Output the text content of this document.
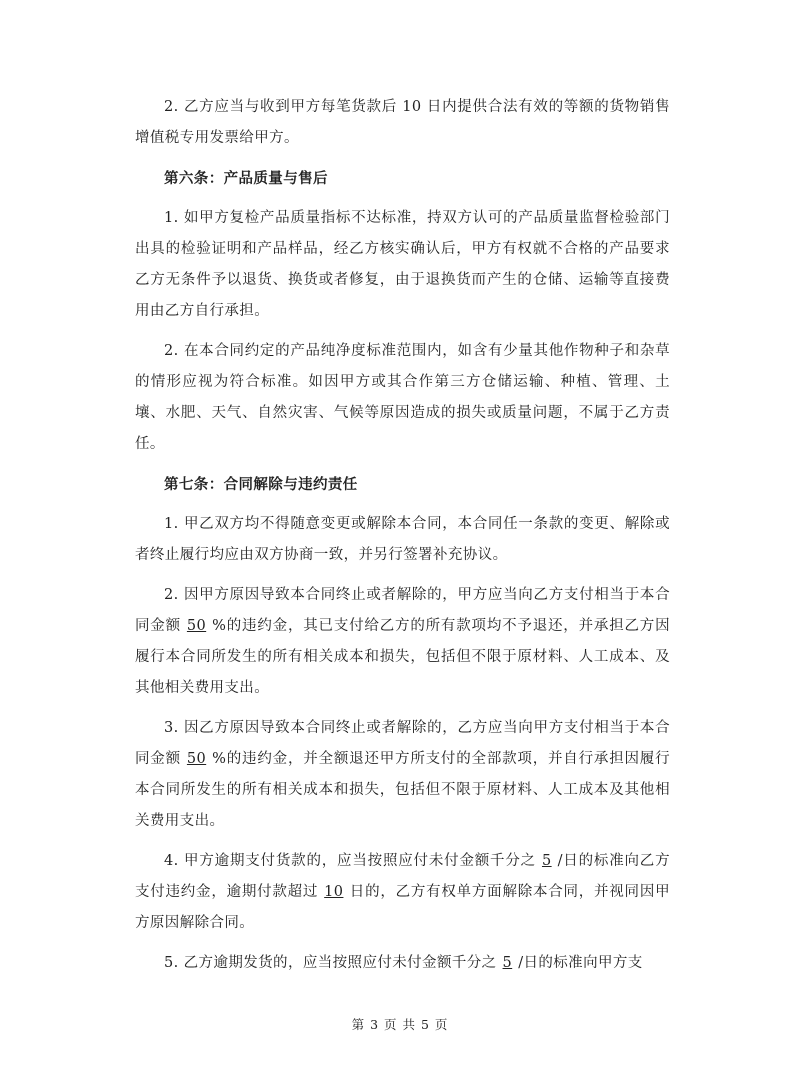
2. 乙方应当与收到甲方每笔货款后 10 日内提供合法有效的等额的货物销售增值税专用发票给甲方。

第六条：产品质量与售后

1. 如甲方复检产品质量指标不达标准，持双方认可的产品质量监督检验部门出具的检验证明和产品样品，经乙方核实确认后，甲方有权就不合格的产品要求乙方无条件予以退货、换货或者修复，由于退换货而产生的仓储、运输等直接费用由乙方自行承担。

2. 在本合同约定的产品纯净度标准范围内，如含有少量其他作物种子和杂草的情形应视为符合标准。如因甲方或其合作第三方仓储运输、种植、管理、土壤、水肥、天气、自然灾害、气候等原因造成的损失或质量问题，不属于乙方责任。

第七条：合同解除与违约责任

1. 甲乙双方均不得随意变更或解除本合同，本合同任一条款的变更、解除或者终止履行均应由双方协商一致，并另行签署补充协议。

2. 因甲方原因导致本合同终止或者解除的，甲方应当向乙方支付相当于本合同金额 50 %的违约金，其已支付给乙方的所有款项均不予退还，并承担乙方因履行本合同所发生的所有相关成本和损失，包括但不限于原材料、人工成本、及其他相关费用支出。

3. 因乙方原因导致本合同终止或者解除的，乙方应当向甲方支付相当于本合同金额 50 %的违约金，并全额退还甲方所支付的全部款项，并自行承担因履行本合同所发生的所有相关成本和损失，包括但不限于原材料、人工成本及其他相关费用支出。

4. 甲方逾期支付货款的，应当按照应付未付金额千分之 5 /日的标准向乙方支付违约金，逾期付款超过 10 日的，乙方有权单方面解除本合同，并视同因甲方原因解除合同。

5. 乙方逾期发货的，应当按照应付未付金额千分之 5 /日的标准向甲方支

第 3 页 共 5 页
